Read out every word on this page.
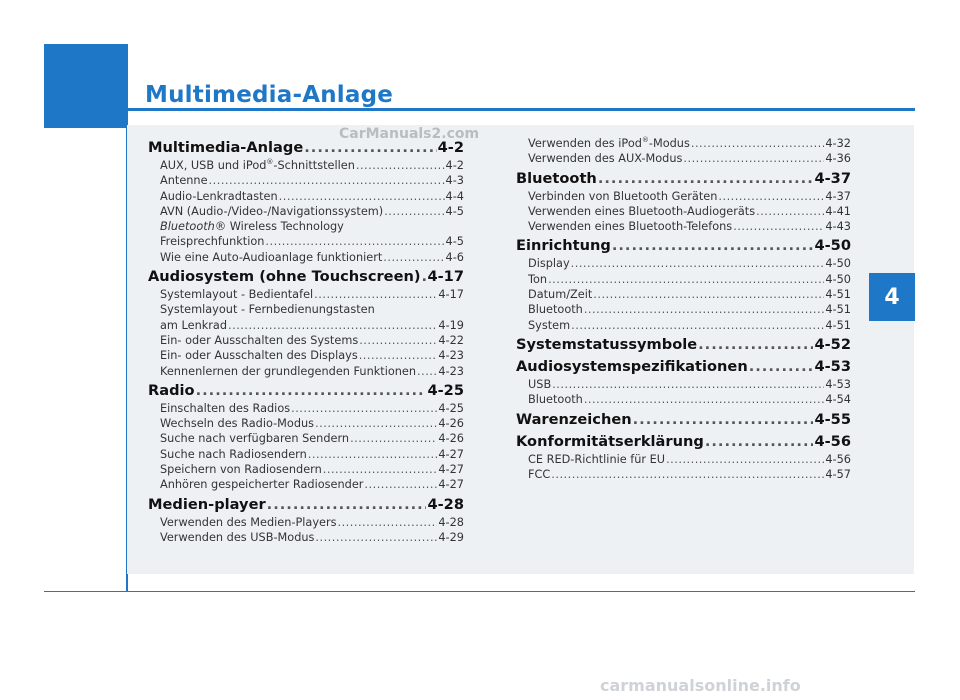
Multimedia-Anlage
4
CarManuals2.com
carmanualsonline.info
Multimedia-Anlage .....	4-2
AUX, USB und iPod®-Schnittstellen .....	4-2
Antenne .....	4-3
Audio-Lenkradtasten .....	4-4
AVN (Audio-/Video-/Navigationssystem) .....	4-5
Bluetooth® Wireless Technology
Freisprechfunktion .....	4-5
Wie eine Auto-Audioanlage funktioniert .....	4-6
Audiosystem (ohne Touchscreen) ..... 4-17
Systemlayout - Bedientafel .....	4-17
Systemlayout - Fernbedienungstasten
am Lenkrad .....	4-19
Ein- oder Ausschalten des Systems .....	4-22
Ein- oder Ausschalten des Displays .....	4-23
Kennenlernen der grundlegenden Funktionen ..... 4-23
Radio .....	4-25
Einschalten des Radios .....	4-25
Wechseln des Radio-Modus .....	4-26
Suche nach verfügbaren Sendern .....	4-26
Suche nach Radiosendern .....	4-27
Speichern von Radiosendern .....	4-27
Anhören gespeicherter Radiosender .....	4-27
Medien-player .....	4-28
Verwenden des Medien-Players .....	4-28
Verwenden des USB-Modus .....	4-29
Verwenden des iPod®-Modus .....	4-32
Verwenden des AUX-Modus .....	4-36
Bluetooth .....	4-37
Verbinden von Bluetooth Geräten .....	4-37
Verwenden eines Bluetooth-Audiogeräts .....	4-41
Verwenden eines Bluetooth-Telefons .....	4-43
Einrichtung .....	4-50
Display .....	4-50
Ton .....	4-50
Datum/Zeit .....	4-51
Bluetooth .....	4-51
System .....	4-51
Systemstatussymbole .....	4-52
Audiosystemspezifikationen .....	4-53
USB .....	4-53
Bluetooth .....	4-54
Warenzeichen .....	4-55
Konformitätserklärung .....	4-56
CE RED-Richtlinie für EU .....	4-56
FCC .....	4-57
